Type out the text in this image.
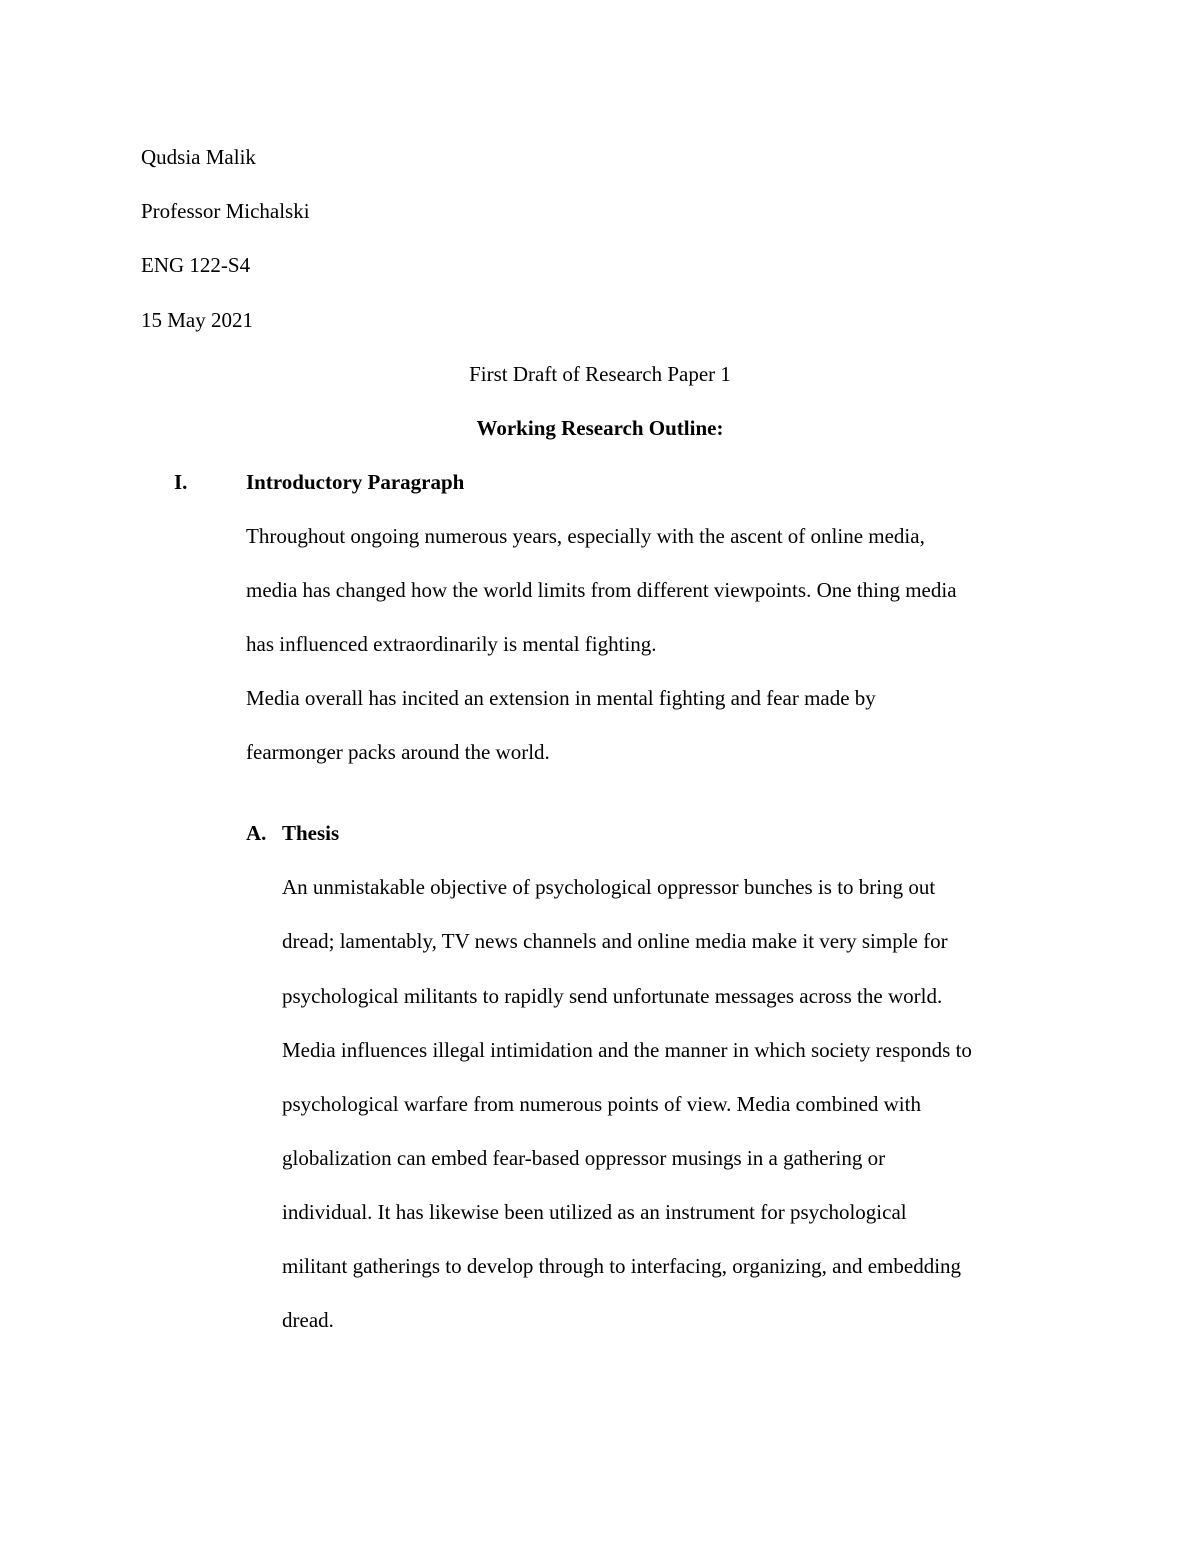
Qudsia Malik
Professor Michalski
ENG 122-S4
15 May 2021
First Draft of Research Paper 1
Working Research Outline:
I.	Introductory Paragraph
Throughout ongoing numerous years, especially with the ascent of online media,
media has changed how the world limits from different viewpoints. One thing media
has influenced extraordinarily is mental fighting.
Media overall has incited an extension in mental fighting and fear made by
fearmonger packs around the world.
A. Thesis
An unmistakable objective of psychological oppressor bunches is to bring out
dread; lamentably, TV news channels and online media make it very simple for
psychological militants to rapidly send unfortunate messages across the world.
Media influences illegal intimidation and the manner in which society responds to
psychological warfare from numerous points of view. Media combined with
globalization can embed fear-based oppressor musings in a gathering or
individual. It has likewise been utilized as an instrument for psychological
militant gatherings to develop through to interfacing, organizing, and embedding
dread.
